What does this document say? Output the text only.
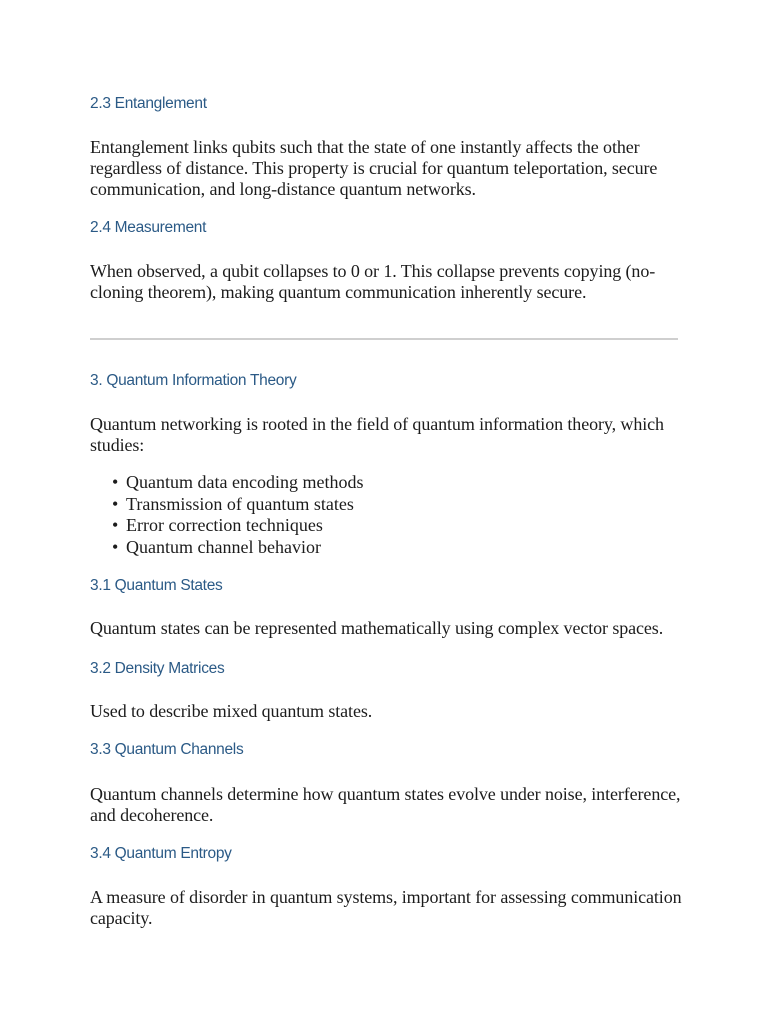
2.3 Entanglement

Entanglement links qubits such that the state of one instantly affects the other regardless of distance. This property is crucial for quantum teleportation, secure communication, and long-distance quantum networks.

2.4 Measurement

When observed, a qubit collapses to 0 or 1. This collapse prevents copying (no-cloning theorem), making quantum communication inherently secure.

3. Quantum Information Theory

Quantum networking is rooted in the field of quantum information theory, which studies:

• Quantum data encoding methods
• Transmission of quantum states
• Error correction techniques
• Quantum channel behavior
3.1 Quantum States

Quantum states can be represented mathematically using complex vector spaces.

3.2 Density Matrices

Used to describe mixed quantum states.

3.3 Quantum Channels

Quantum channels determine how quantum states evolve under noise, interference, and decoherence.

3.4 Quantum Entropy

A measure of disorder in quantum systems, important for assessing communication capacity.
